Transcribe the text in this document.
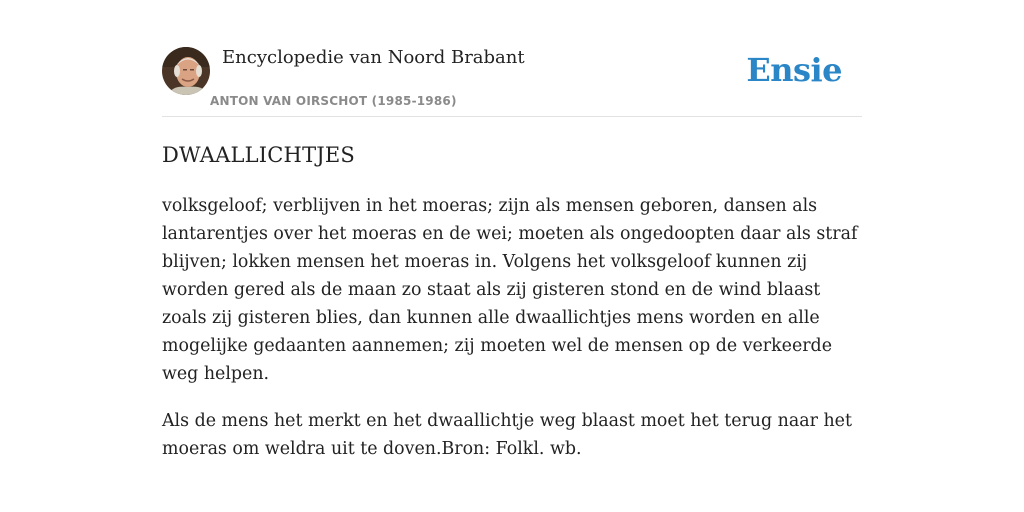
Encyclopedie van Noord Brabant
ANTON VAN OIRSCHOT (1985-1986)
Ensie
DWAALLICHTJES

volksgeloof; verblijven in het moeras; zijn als mensen geboren, dansen als lantarentjes over het moeras en de wei; moeten als ongedoopten daar als straf blijven; lokken mensen het moeras in. Volgens het volksgeloof kunnen zij worden gered als de maan zo staat als zij gisteren stond en de wind blaast zoals zij gisteren blies, dan kunnen alle dwaallichtjes mens worden en alle mogelijke gedaanten aannemen; zij moeten wel de mensen op de verkeerde weg helpen.

Als de mens het merkt en het dwaallichtje weg blaast moet het terug naar het moeras om weldra uit te doven.Bron: Folkl. wb.
